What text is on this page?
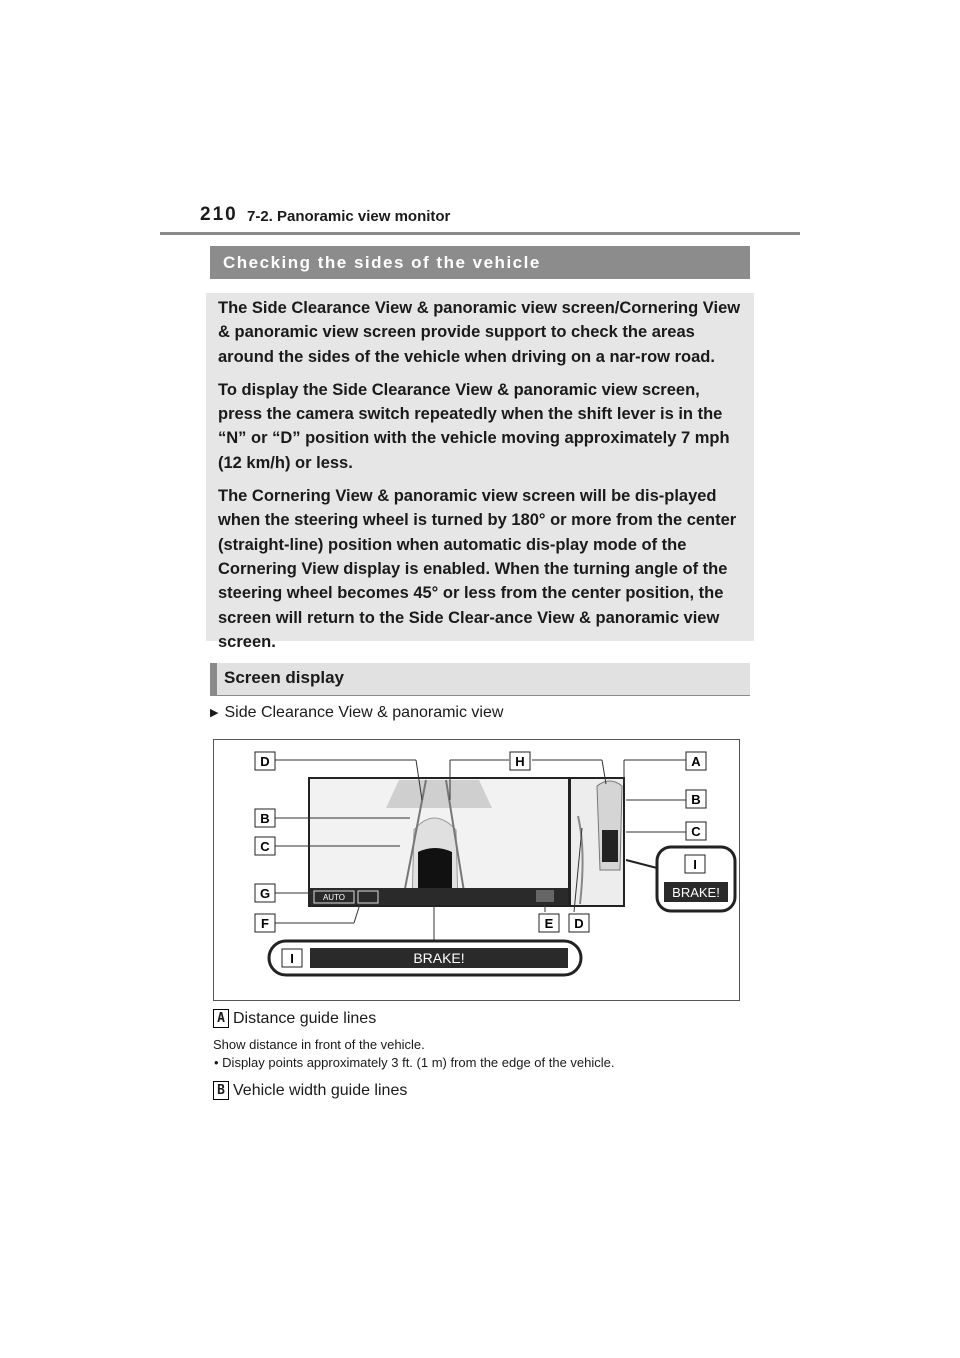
210 7-2. Panoramic view monitor
Checking the sides of the vehicle

The Side Clearance View & panoramic view screen/Cornering View & panoramic view screen provide support to check the areas around the sides of the vehicle when driving on a nar-row road.

To display the Side Clearance View & panoramic view screen, press the camera switch repeatedly when the shift lever is in the “N” or “D” position with the vehicle moving approximately 7 mph (12 km/h) or less.

The Cornering View & panoramic view screen will be dis-played when the steering wheel is turned by 180° or more from the center (straight-line) position when automatic dis-play mode of the Cornering View display is enabled. When the turning angle of the steering wheel becomes 45° or less from the center position, the screen will return to the Side Clear-ance View & panoramic view screen.

Screen display
▶ Side Clearance View & panoramic view
AUTO
D	H	A
B
B
C
C
G
F	E D
I
BRAKE!
I	BRAKE!
A Distance guide lines
Show distance in front of the vehicle.
• Display points approximately 3 ft. (1 m) from the edge of the vehicle.
B Vehicle width guide lines
